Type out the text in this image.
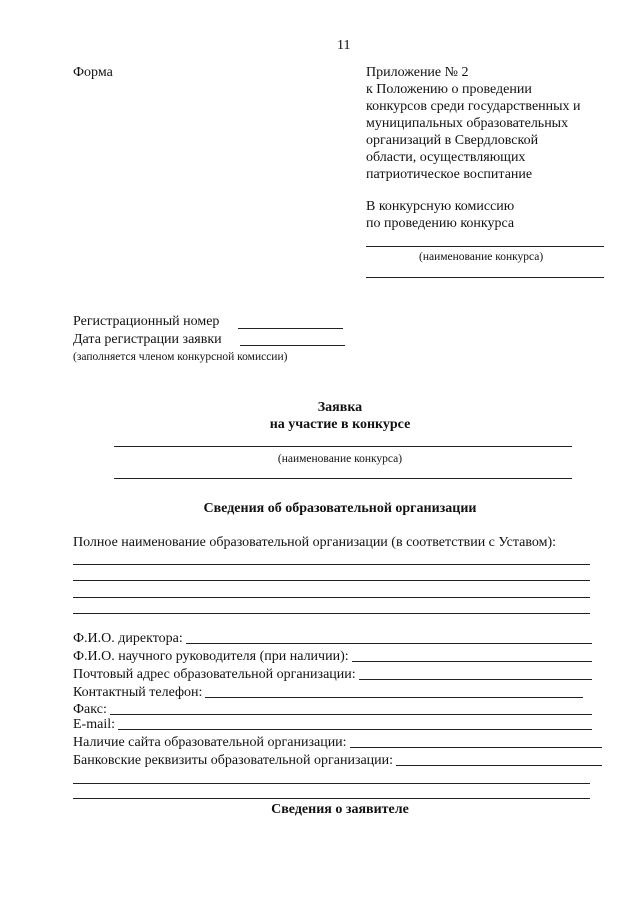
11
Форма	Приложение № 2
к Положению о проведении
конкурсов среди государственных и
муниципальных образовательных
организаций в Свердловской
области, осуществляющих
патриотическое воспитание
В конкурсную комиссию
по проведению конкурса
(наименование конкурса)
Регистрационный номер
Дата регистрации заявки
(заполняется членом конкурсной комиссии)
Заявка
на участие в конкурсе
(наименование конкурса)
Сведения об образовательной организации
Полное наименование образовательной организации (в соответствии с Уставом):
Ф.И.О. директора:
Ф.И.О. научного руководителя (при наличии):
Почтовый адрес образовательной организации:
Контактный телефон:
Факс:
E-mail:
Наличие сайта образовательной организации:
Банковские реквизиты образовательной организации:
Сведения о заявителе
